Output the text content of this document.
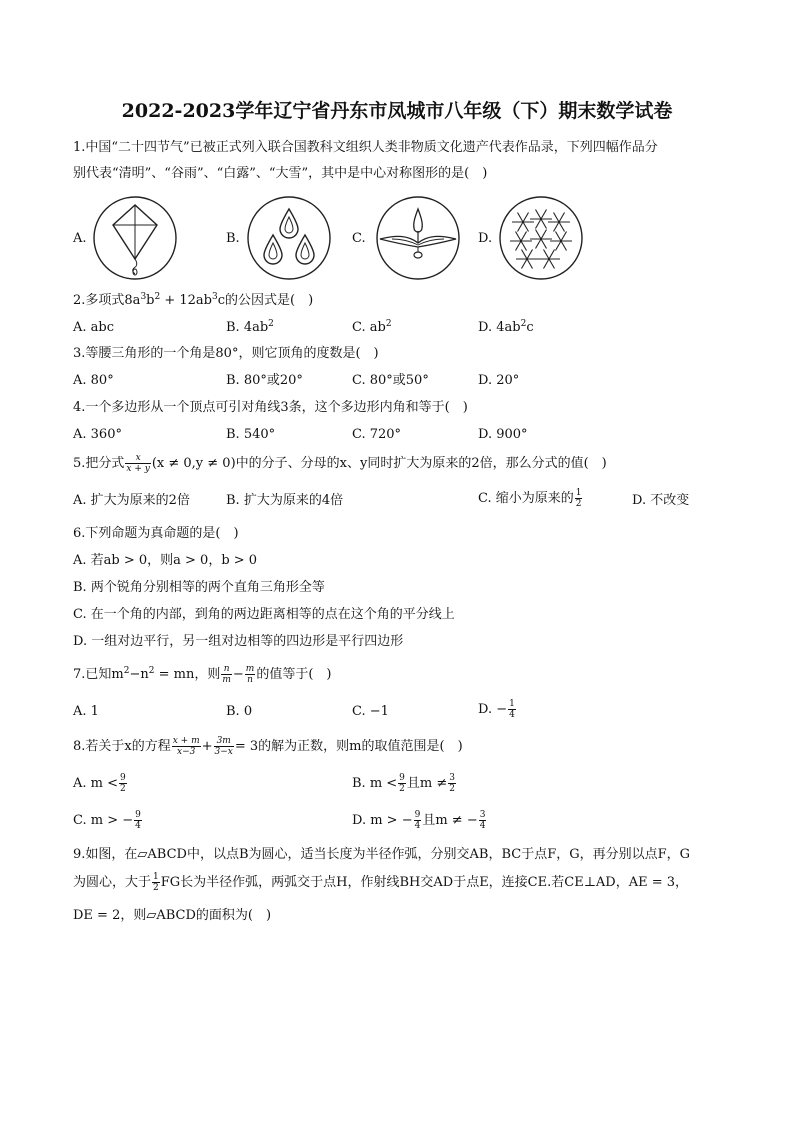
2022-2023学年辽宁省丹东市凤城市八年级（下）期末数学试卷
1.中国“二十四节气”已被正式列入联合国教科文组织人类非物质文化遗产代表作品录，下列四幅作品分
别代表“清明”、“谷雨”、“白露”、“大雪”，其中是中心对称图形的是(　)
A.	B.	C.	D.
2.多项式$8a^3b^2 + 12ab^3c$的公因式是(　)
A. abc	B. $4ab^2$	C. $ab^2$	D. $4ab^2c$
3.等腰三角形的一个角是80°，则它顶角的度数是(　)
A. 80°	B. 80°或20°	C. 80°或50°	D. 20°
4.一个多边形从一个顶点可引对角线3条，这个多边形内角和等于(　)
A. 360°	B. 540°	C. 720°	D. 900°
5.把分式 $\frac{x}{x + y} (x \ne 0,y \ne 0)$中的分子、分母的x、y同时扩大为原来的2倍，那么分式的值(　)
A. 扩大为原来的2倍	B. 扩大为原来的4倍	C. 缩小为原来的 $\frac{1}{2}$	D. 不改变
6.下列命题为真命题的是(　)
A. 若ab > 0，则a > 0，b > 0
B. 两个锐角分别相等的两个直角三角形全等
C. 在一个角的内部，到角的两边距离相等的点在这个角的平分线上
D. 一组对边平行，另一组对边相等的四边形是平行四边形
7.已知$m^2-n^2$ = mn，则 $\frac{n}{m} - \frac{m}{n}$ 的值等于(　)
A. 1	B. 0	C. −1	D. − $\frac{1}{4}$
8.若关于x的方程 $\frac{x + m}{x-3} + \frac{3m}{3-x} = 3$的解为正数，则m的取值范围是(　)
A. $m < \frac{9}{2}$	B. $m < \frac{9}{2}$ 且$m \ne \frac{3}{2}$
C. m > − $\frac{9}{4}$	D. m > − $\frac{9}{4}$ 且m ≠ − $\frac{3}{4}$
9.如图，在▱ABCD中，以点B为圆心，适当长度为半径作弧，分别交AB，BC于点F，G，再分别以点F，G
为圆心，大于 $\frac{1}{2}$ FG长为半径作弧，两弧交于点H，作射线BH交AD于点E，连接CE.若CE⊥AD，AE = 3，
DE = 2，则▱ABCD的面积为(　)
